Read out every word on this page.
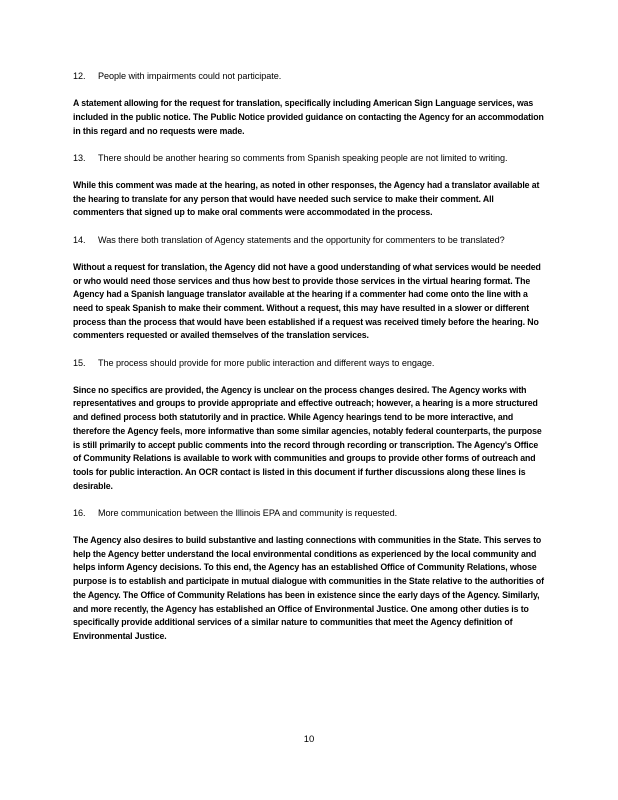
12.	People with impairments could not participate.

A statement allowing for the request for translation, specifically including American Sign Language services, was included in the public notice. The Public Notice provided guidance on contacting the Agency for an accommodation in this regard and no requests were made.

13.	There should be another hearing so comments from Spanish speaking people are not limited to writing.

While this comment was made at the hearing, as noted in other responses, the Agency had a translator available at the hearing to translate for any person that would have needed such service to make their comment. All commenters that signed up to make oral comments were accommodated in the process.

14.	Was there both translation of Agency statements and the opportunity for commenters to be translated?

Without a request for translation, the Agency did not have a good understanding of what services would be needed or who would need those services and thus how best to provide those services in the virtual hearing format. The Agency had a Spanish language translator available at the hearing if a commenter had come onto the line with a need to speak Spanish to make their comment. Without a request, this may have resulted in a slower or different process than the process that would have been established if a request was received timely before the hearing. No commenters requested or availed themselves of the translation services.

15.	The process should provide for more public interaction and different ways to engage.

Since no specifics are provided, the Agency is unclear on the process changes desired. The Agency works with representatives and groups to provide appropriate and effective outreach; however, a hearing is a more structured and defined process both statutorily and in practice. While Agency hearings tend to be more interactive, and therefore the Agency feels, more informative than some similar agencies, notably federal counterparts, the purpose is still primarily to accept public comments into the record through recording or transcription. The Agency's Office of Community Relations is available to work with communities and groups to provide other forms of outreach and tools for public interaction. An OCR contact is listed in this document if further discussions along these lines is desirable.

16.	More communication between the Illinois EPA and community is requested.

The Agency also desires to build substantive and lasting connections with communities in the State. This serves to help the Agency better understand the local environmental conditions as experienced by the local community and helps inform Agency decisions. To this end, the Agency has an established Office of Community Relations, whose purpose is to establish and participate in mutual dialogue with communities in the State relative to the authorities of the Agency. The Office of Community Relations has been in existence since the early days of the Agency. Similarly, and more recently, the Agency has established an Office of Environmental Justice. One among other duties is to specifically provide additional services of a similar nature to communities that meet the Agency definition of Environmental Justice.

10
